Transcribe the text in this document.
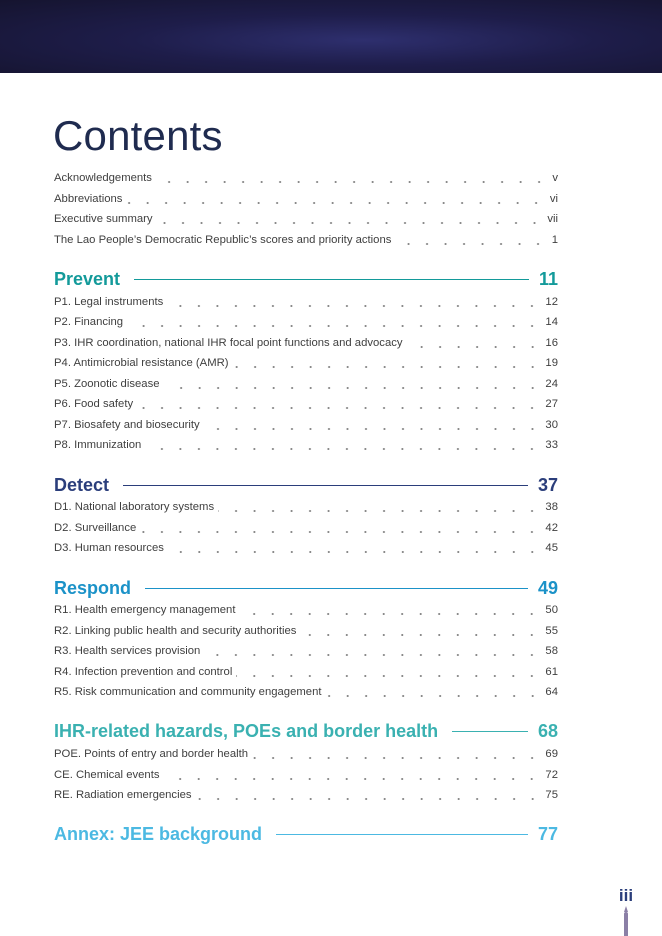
Contents
Acknowledgements	v
Abbreviations	vi
Executive summary	vii
The Lao People’s Democratic Republic’s scores and priority actions	1
Prevent	11
P1. Legal instruments	12
P2. Financing	14
P3. IHR coordination, national IHR focal point functions and advocacy	16
P4. Antimicrobial resistance (AMR)	19
P5. Zoonotic disease	24
P6. Food safety	27
P7. Biosafety and biosecurity	30
P8. Immunization	33
Detect	37
D1. National laboratory systems	38
D2. Surveillance	42
D3. Human resources	45
Respond	49
R1. Health emergency management	50
R2. Linking public health and security authorities	55
R3. Health services provision	58
R4. Infection prevention and control	61
R5. Risk communication and community engagement	64
IHR-related hazards, POEs and border health	68
POE. Points of entry and border health	69
CE. Chemical events	72
RE. Radiation emergencies	75
Annex: JEE background	77
iii
